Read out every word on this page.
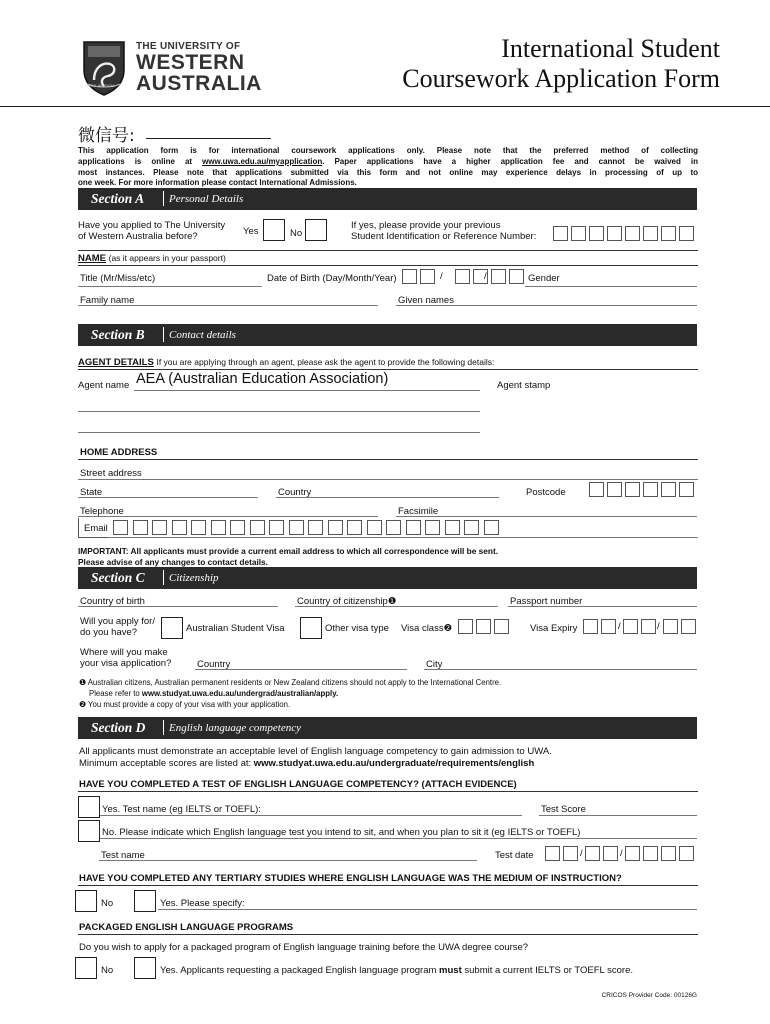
SEEK WISDOM
THE UNIVERSITY OF
WESTERN
AUSTRALIA
International Student
Coursework Application Form
微信号:
This application form is for international coursework applications only. Please note that the preferred method of collecting
applications is online at www.uwa.edu.au/myapplication. Paper applications have a higher application fee and cannot be waived in
most instances. Please note that applications submitted via this form and not online may experience delays in processing of up to
one week. For more information please contact International Admissions.
Section A Personal Details
Have you applied to The University
of Western Australia before?	Yes	No
If yes, please provide your previous
Student Identification or Reference Number:
NAME (as it appears in your passport)
Title (Mr/Miss/etc)	Date of Birth (Day/Month/Year)	/	/	Gender
Family name	Given names
Section B Contact details
AGENT DETAILS If you are applying through an agent, please ask the agent to provide the following details:
Agent name AEA (Australian Education Association)	Agent stamp
HOME ADDRESS
Street address
State	Country	Postcode
Telephone	Facsimile
Email
IMPORTANT: All applicants must provide a current email address to which all correspondence will be sent.
Please advise of any changes to contact details.
Section C Citizenship
Country of birth	Country of citizenship❶	Passport number
Will you apply for/
do you have?	Australian Student Visa	Other visa type Visa class❷	Visa Expiry	/	/
Where will you make
your visa application?	Country	City
❶ Australian citizens, Australian permanent residents or New Zealand citizens should not apply to the International Centre.
Please refer to www.studyat.uwa.edu.au/undergrad/australian/apply.
❷ You must provide a copy of your visa with your application.
Section D English language competency
All applicants must demonstrate an acceptable level of English language competency to gain admission to UWA.
Minimum acceptable scores are listed at: www.studyat.uwa.edu.au/undergraduate/requirements/english
HAVE YOU COMPLETED A TEST OF ENGLISH LANGUAGE COMPETENCY? (ATTACH EVIDENCE)
Yes. Test name (eg IELTS or TOEFL):	Test Score
No. Please indicate which English language test you intend to sit, and when you plan to sit it (eg IELTS or TOEFL)
Test name	Test date	/	/
HAVE YOU COMPLETED ANY TERTIARY STUDIES WHERE ENGLISH LANGUAGE WAS THE MEDIUM OF INSTRUCTION?
No	Yes. Please specify:
PACKAGED ENGLISH LANGUAGE PROGRAMS
Do you wish to apply for a packaged program of English language training before the UWA degree course?
No	Yes. Applicants requesting a packaged English language program must submit a current IELTS or TOEFL score.
CRICOS Provider Code: 00126G
